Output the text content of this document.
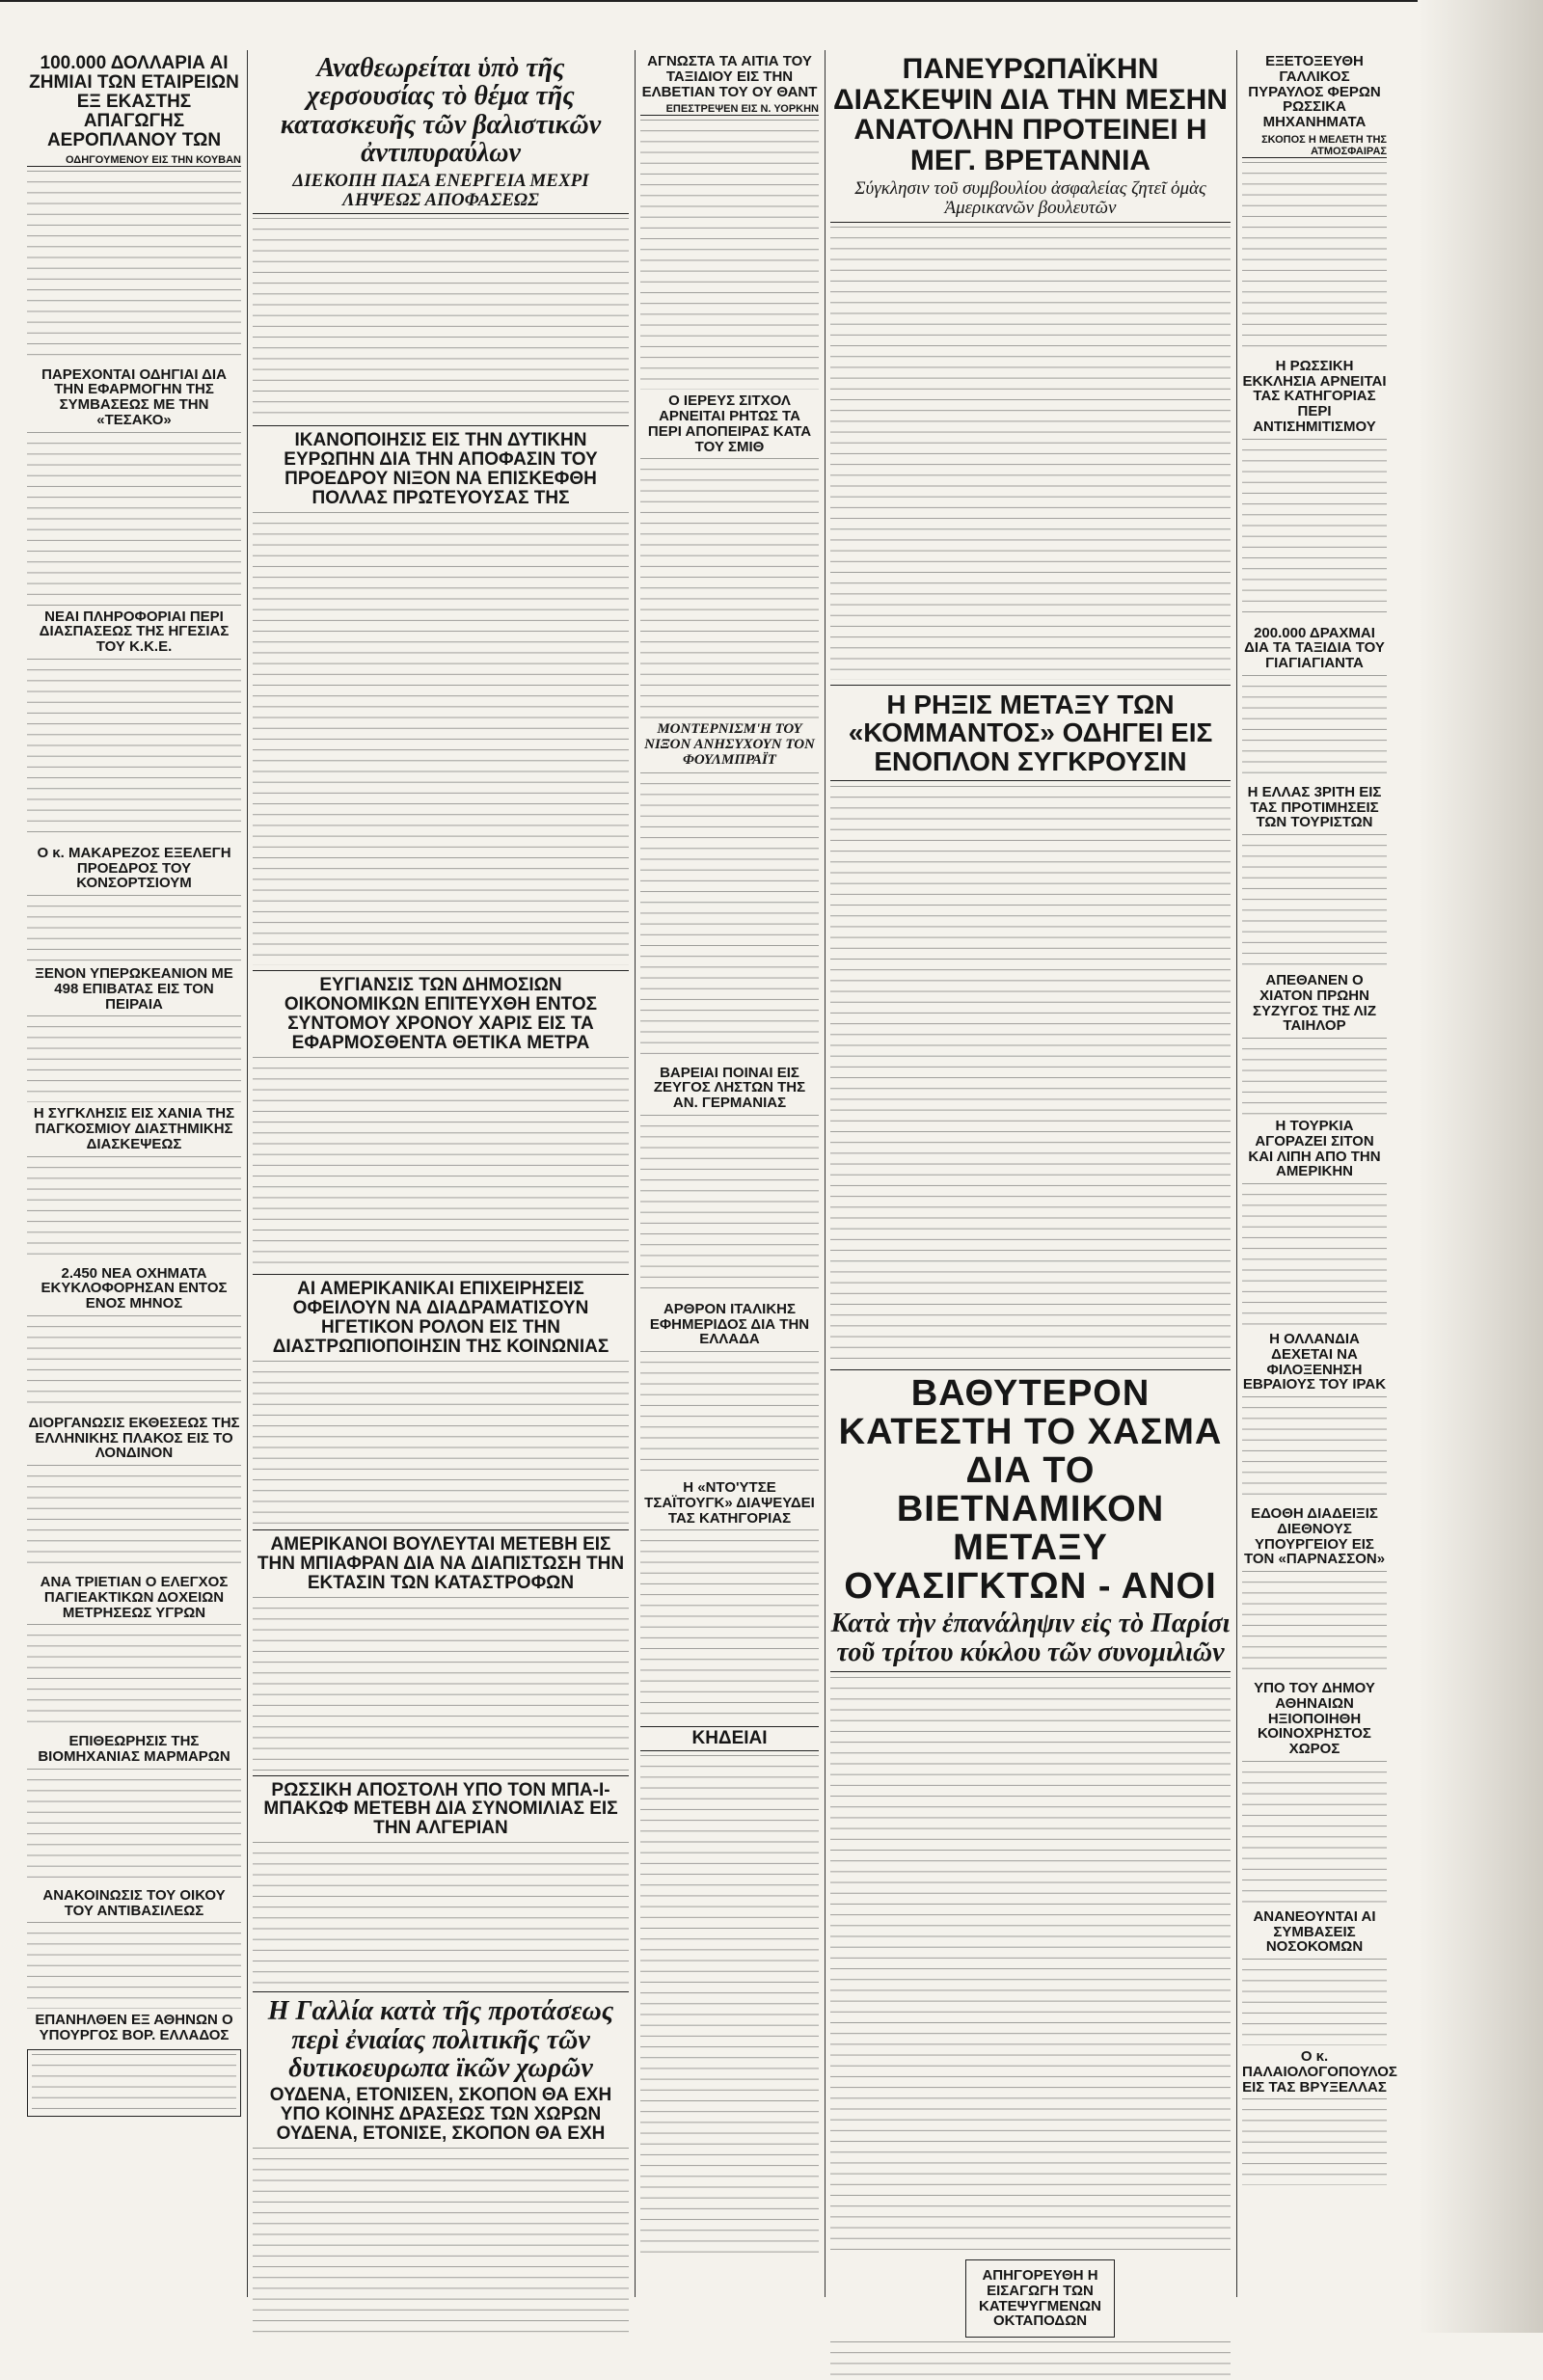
100.000 ΔΟΛΛΑΡΙΑ ΑΙ ΖΗΜΙΑΙ ΤΩΝ ΕΤΑΙΡΕΙΩΝ ΕΞ ΕΚΑΣΤΗΣ ΑΠΑΓΩΓΗΣ ΑΕΡΟΠΛΑΝΟΥ ΤΩΝ
ΟΔΗΓΟΥΜΕΝΟΥ ΕΙΣ ΤΗΝ ΚΟΥΒΑΝ

ΠΑΡΕΧΟΝΤΑΙ ΟΔΗΓΙΑΙ ΔΙΑ ΤΗΝ ΕΦΑΡΜΟΓΗΝ ΤΗΣ ΣΥΜΒΑΣΕΩΣ ΜΕ ΤΗΝ «ΤΕΣΑΚΟ»

ΝΕΑΙ ΠΛΗΡΟΦΟΡΙΑΙ ΠΕΡΙ ΔΙΑΣΠΑΣΕΩΣ ΤΗΣ ΗΓΕΣΙΑΣ ΤΟΥ Κ.Κ.Ε.

Ο κ. ΜΑΚΑΡΕΖΟΣ ΕΞΕΛΕΓΗ ΠΡΟΕΔΡΟΣ ΤΟΥ ΚΟΝΣΟΡΤΣΙΟΥΜ

ΞΕΝΟΝ ΥΠΕΡΩΚΕΑΝΙΟΝ ΜΕ 498 ΕΠΙΒΑΤΑΣ ΕΙΣ ΤΟΝ ΠΕΙΡΑΙΑ

Η ΣΥΓΚΛΗΣΙΣ ΕΙΣ ΧΑΝΙΑ ΤΗΣ ΠΑΓΚΟΣΜΙΟΥ ΔΙΑΣΤΗΜΙΚΗΣ ΔΙΑΣΚΕΨΕΩΣ

2.450 ΝΕΑ ΟΧΗΜΑΤΑ ΕΚΥΚΛΟΦΟΡΗΣΑΝ ΕΝΤΟΣ ΕΝΟΣ ΜΗΝΟΣ

ΔΙΟΡΓΑΝΩΣΙΣ ΕΚΘΕΣΕΩΣ ΤΗΣ ΕΛΛΗΝΙΚΗΣ ΠΛΑΚΟΣ ΕΙΣ ΤΟ ΛΟΝΔΙΝΟΝ

ΑΝΑ ΤΡΙΕΤΙΑΝ Ο ΕΛΕΓΧΟΣ ΠΑΓΙΕΑΚΤΙΚΩΝ ΔΟΧΕΙΩΝ ΜΕΤΡΗΣΕΩΣ ΥΓΡΩΝ

ΕΠΙΘΕΩΡΗΣΙΣ ΤΗΣ ΒΙΟΜΗΧΑΝΙΑΣ ΜΑΡΜΑΡΩΝ

ΑΝΑΚΟΙΝΩΣΙΣ ΤΟΥ ΟΙΚΟΥ ΤΟΥ ΑΝΤΙΒΑΣΙΛΕΩΣ

ΕΠΑΝΗΛΘΕΝ ΕΞ ΑΘΗΝΩΝ Ο ΥΠΟΥΡΓΟΣ ΒΟΡ. ΕΛΛΑΔΟΣ

Αναθεωρείται ὑπὸ τῆς χερσουσίας τὸ θέμα τῆς κατασκευῆς τῶν βαλιστικῶν ἀντιπυραύλων
ΔΙΕΚΟΠΗ ΠΑΣΑ ΕΝΕΡΓΕΙΑ ΜΕΧΡΙ ΛΗΨΕΩΣ ΑΠΟΦΑΣΕΩΣ

ΙΚΑΝΟΠΟΙΗΣΙΣ ΕΙΣ ΤΗΝ ΔΥΤΙΚΗΝ ΕΥΡΩΠΗΝ ΔΙΑ ΤΗΝ ΑΠΟΦΑΣΙΝ ΤΟΥ ΠΡΟΕΔΡΟΥ ΝΙΞΟΝ ΝΑ ΕΠΙΣΚΕΦΘΗ ΠΟΛΛΑΣ ΠΡΩΤΕΥΟΥΣΑΣ ΤΗΣ

ΕΥΓΙΑΝΣΙΣ ΤΩΝ ΔΗΜΟΣΙΩΝ ΟΙΚΟΝΟΜΙΚΩΝ ΕΠΙΤΕΥΧΘΗ ΕΝΤΟΣ ΣΥΝΤΟΜΟΥ ΧΡΟΝΟΥ ΧΑΡΙΣ ΕΙΣ ΤΑ ΕΦΑΡΜΟΣΘΕΝΤΑ ΘΕΤΙΚΑ ΜΕΤΡΑ

ΑΙ ΑΜΕΡΙΚΑΝΙΚΑΙ ΕΠΙΧΕΙΡΗΣΕΙΣ ΟΦΕΙΛΟΥΝ ΝΑ ΔΙΑΔΡΑΜΑΤΙΣΟΥΝ ΗΓΕΤΙΚΟΝ ΡΟΛΟΝ ΕΙΣ ΤΗΝ ΔΙΑΣΤΡΩΠΙΟΠΟΙΗΣΙΝ ΤΗΣ ΚΟΙΝΩΝΙΑΣ

ΑΜΕΡΙΚΑΝΟΙ ΒΟΥΛΕΥΤΑΙ ΜΕΤΕΒΗ ΕΙΣ ΤΗΝ ΜΠΙΑΦΡΑΝ ΔΙΑ ΝΑ ΔΙΑΠΙΣΤΩΣΗ ΤΗΝ ΕΚΤΑΣΙΝ ΤΩΝ ΚΑΤΑΣΤΡΟΦΩΝ

ΡΩΣΣΙΚΗ ΑΠΟΣΤΟΛΗ ΥΠΟ ΤΟΝ ΜΠΑ-Ι-ΜΠΑΚΩΦ ΜΕΤΕΒΗ ΔΙΑ ΣΥΝΟΜΙΛΙΑΣ ΕΙΣ ΤΗΝ ΑΛΓΕΡΙΑΝ

Η Γαλλία κατὰ τῆς προτάσεως περὶ ἐνιαίας πολιτικῆς τῶν δυτικοευρωπα ϊκῶν χωρῶν
ΟΥΔΕΝΑ, ΕΤΟΝΙΣΕΝ, ΣΚΟΠΟΝ ΘΑ ΕΧΗ ΥΠΟ ΚΟΙΝΗΣ ΔΡΑΣΕΩΣ ΤΩΝ ΧΩΡΩΝ ΟΥΔΕΝΑ, ΕΤΟΝΙΣΕ, ΣΚΟΠΟΝ ΘΑ ΕΧΗ

ΑΓΝΩΣΤΑ ΤΑ ΑΙΤΙΑ ΤΟΥ ΤΑΞΙΔΙΟΥ ΕΙΣ ΤΗΝ ΕΛΒΕΤΙΑΝ ΤΟΥ ΟΥ ΘΑΝΤ
ΕΠΕΣΤΡΕΨΕΝ ΕΙΣ Ν. ΥΟΡΚΗΝ

Ο ΙΕΡΕΥΣ ΣΙΤΧΟΛ ΑΡΝΕΙΤΑΙ ΡΗΤΩΣ ΤΑ ΠΕΡΙ ΑΠΟΠΕΙΡΑΣ ΚΑΤΑ ΤΟΥ ΣΜΙΘ

ΜΟΝΤΕΡΝΙΣΜ'Η ΤΟΥ ΝΙΞΟΝ ΑΝΗΣΥΧΟΥΝ ΤΟΝ ΦΟΥΛΜΠΡΑΪΤ

ΒΑΡΕΙΑΙ ΠΟΙΝΑΙ ΕΙΣ ΖΕΥΓΟΣ ΛΗΣΤΩΝ ΤΗΣ ΑΝ. ΓΕΡΜΑΝΙΑΣ

ΑΡΘΡΟΝ ΙΤΑΛΙΚΗΣ ΕΦΗΜΕΡΙΔΟΣ ΔΙΑ ΤΗΝ ΕΛΛΑΔΑ

Η «ΝΤΟ'ΥΤΣΕ ΤΣΑΪΤΟΥΓΚ» ΔΙΑΨΕΥΔΕΙ ΤΑΣ ΚΑΤΗΓΟΡΙΑΣ

ΚΗΔΕΙΑΙ

ΠΑΝΕΥΡΩΠΑΪΚΗΝ ΔΙΑΣΚΕΨΙΝ ΔΙΑ ΤΗΝ ΜΕΣΗΝ ΑΝΑΤΟΛΗΝ ΠΡΟΤΕΙΝΕΙ Η ΜΕΓ. ΒΡΕΤΑΝΝΙΑ
Σύγκλησιν τοῦ συμβουλίου ἀσφαλείας ζητεῖ ὁμὰς Ἀμερικανῶν βουλευτῶν

Η ΡΗΞΙΣ ΜΕΤΑΞΥ ΤΩΝ «ΚΟΜΜΑΝΤΟΣ» ΟΔΗΓΕΙ ΕΙΣ ΕΝΟΠΛΟΝ ΣΥΓΚΡΟΥΣΙΝ

ΒΑΘΥΤΕΡΟΝ ΚΑΤΕΣΤΗ ΤΟ ΧΑΣΜΑ ΔΙΑ ΤΟ ΒΙΕΤΝΑΜΙΚΟΝ ΜΕΤΑΞΥ ΟΥΑΣΙΓΚΤΩΝ - ΑΝΟΙ
Κατὰ τὴν ἐπανάληψιν εἰς τὸ Παρίσι τοῦ τρίτου κύκλου τῶν συνομιλιῶν

ΑΠΗΓΟΡΕΥΘΗ Η ΕΙΣΑΓΩΓΗ ΤΩΝ ΚΑΤΕΨΥΓΜΕΝΩΝ ΟΚΤΑΠΟΔΩΝ

ΕΞΕΤΟΞΕΥΘΗ ΓΑΛΛΙΚΟΣ ΠΥΡΑΥΛΟΣ ΦΕΡΩΝ ΡΩΣΣΙΚΑ ΜΗΧΑΝΗΜΑΤΑ
ΣΚΟΠΟΣ Η ΜΕΛΕΤΗ ΤΗΣ ΑΤΜΟΣΦΑΙΡΑΣ

Η ΡΩΣΣΙΚΗ ΕΚΚΛΗΣΙΑ ΑΡΝΕΙΤΑΙ ΤΑΣ ΚΑΤΗΓΟΡΙΑΣ ΠΕΡΙ ΑΝΤΙΣΗΜΙΤΙΣΜΟΥ

200.000 ΔΡΑΧΜΑΙ ΔΙΑ ΤΑ ΤΑΞΙΔΙΑ ΤΟΥ ΓΙΑΓΙΑΓΙΑΝΤΑ

Η ΕΛΛΑΣ 3ΡΙΤΗ ΕΙΣ ΤΑΣ ΠΡΟΤΙΜΗΣΕΙΣ ΤΩΝ ΤΟΥΡΙΣΤΩΝ

ΑΠΕΘΑΝΕΝ Ο ΧΙΑΤΟΝ ΠΡΩΗΝ ΣΥΖΥΓΟΣ ΤΗΣ ΛΙΖ ΤΑΙΗΛΟΡ

Η ΤΟΥΡΚΙΑ ΑΓΟΡΑΖΕΙ ΣΙΤΟΝ ΚΑΙ ΛΙΠΗ ΑΠΟ ΤΗΝ ΑΜΕΡΙΚΗΝ

Η ΟΛΛΑΝΔΙΑ ΔΕΧΕΤΑΙ ΝΑ ΦΙΛΟΞΕΝΗΣΗ ΕΒΡΑΙΟΥΣ ΤΟΥ ΙΡΑΚ

ΕΔΟΘΗ ΔΙΑΔΕΙΞΙΣ ΔΙΕΘΝΟΥΣ ΥΠΟΥΡΓΕΙΟΥ ΕΙΣ ΤΟΝ «ΠΑΡΝΑΣΣΟΝ»

ΥΠΟ ΤΟΥ ΔΗΜΟΥ ΑΘΗΝΑΙΩΝ ΗΞΙΟΠΟΙΗΘΗ ΚΟΙΝΟΧΡΗΣΤΟΣ ΧΩΡΟΣ

ΑΝΑΝΕΟΥΝΤΑΙ ΑΙ ΣΥΜΒΑΣΕΙΣ ΝΟΣΟΚΟΜΩΝ

Ο κ. ΠΑΛΑΙΟΛΟΓΟΠΟΥΛΟΣ ΕΙΣ ΤΑΣ ΒΡΥΞΕΛΛΑΣ
